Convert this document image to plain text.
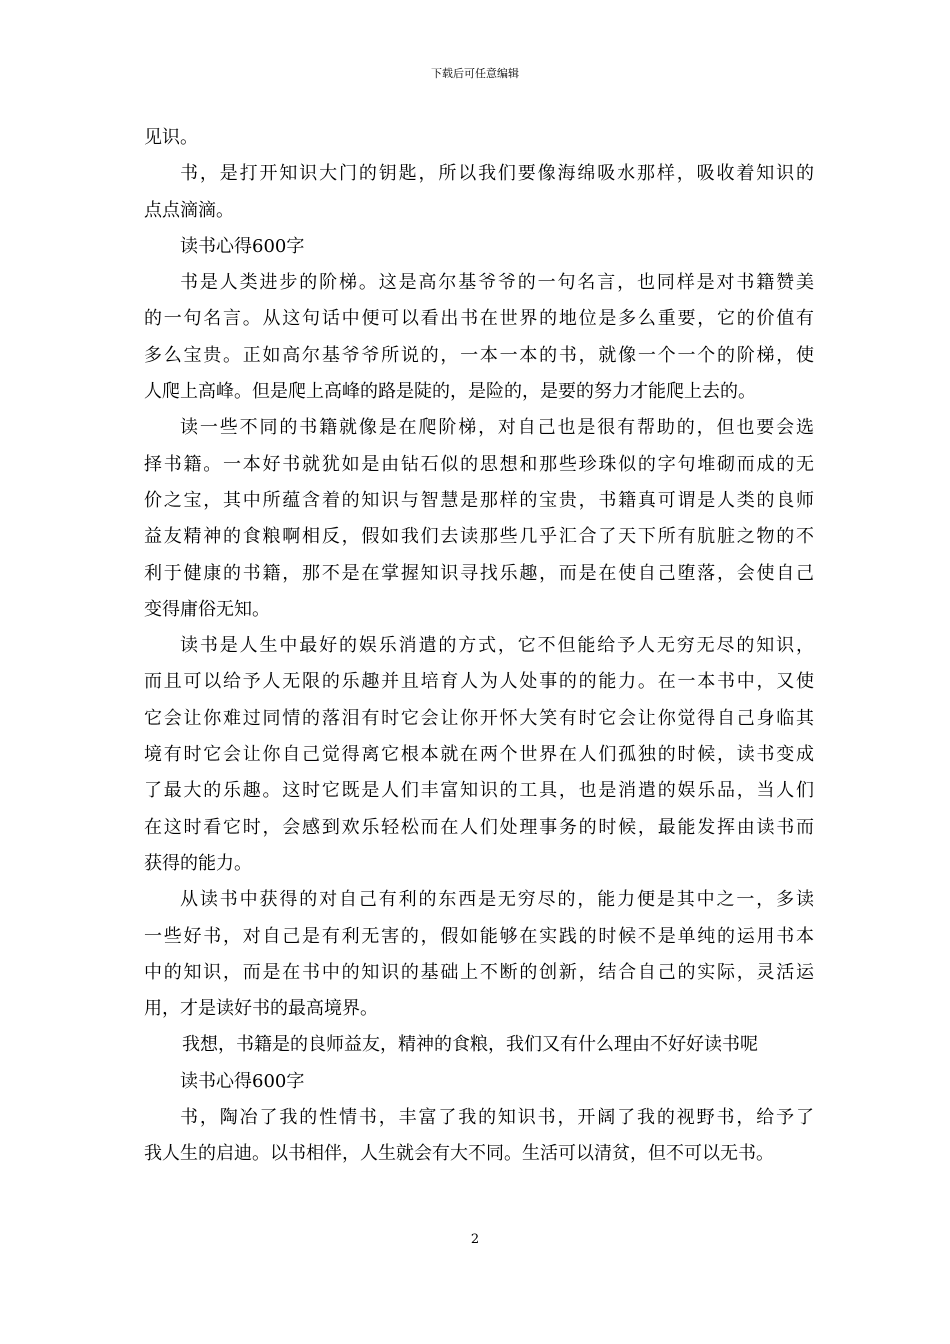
下载后可任意编辑
见识。
书，是打开知识大门的钥匙，所以我们要像海绵吸水那样，吸收着知识的
点点滴滴。
读书心得600字
书是人类进步的阶梯。这是高尔基爷爷的一句名言，也同样是对书籍赞美
的一句名言。从这句话中便可以看出书在世界的地位是多么重要，它的价值有
多么宝贵。正如高尔基爷爷所说的，一本一本的书，就像一个一个的阶梯，使
人爬上高峰。但是爬上高峰的路是陡的，是险的，是要的努力才能爬上去的。
读一些不同的书籍就像是在爬阶梯，对自己也是很有帮助的，但也要会选
择书籍。一本好书就犹如是由钻石似的思想和那些珍珠似的字句堆砌而成的无
价之宝，其中所蕴含着的知识与智慧是那样的宝贵，书籍真可谓是人类的良师
益友精神的食粮啊相反，假如我们去读那些几乎汇合了天下所有肮脏之物的不
利于健康的书籍，那不是在掌握知识寻找乐趣，而是在使自己堕落，会使自己
变得庸俗无知。
读书是人生中最好的娱乐消遣的方式，它不但能给予人无穷无尽的知识，
而且可以给予人无限的乐趣并且培育人为人处事的的能力。在一本书中，又使
它会让你难过同情的落泪有时它会让你开怀大笑有时它会让你觉得自己身临其
境有时它会让你自己觉得离它根本就在两个世界在人们孤独的时候，读书变成
了最大的乐趣。这时它既是人们丰富知识的工具，也是消遣的娱乐品，当人们
在这时看它时，会感到欢乐轻松而在人们处理事务的时候，最能发挥由读书而
获得的能力。
从读书中获得的对自己有利的东西是无穷尽的，能力便是其中之一，多读
一些好书，对自己是有利无害的，假如能够在实践的时候不是单纯的运用书本
中的知识，而是在书中的知识的基础上不断的创新，结合自己的实际，灵活运
用，才是读好书的最高境界。
我想，书籍是的良师益友，精神的食粮，我们又有什么理由不好好读书呢
读书心得600字
书，陶冶了我的性情书，丰富了我的知识书，开阔了我的视野书，给予了
我人生的启迪。以书相伴，人生就会有大不同。生活可以清贫，但不可以无书。
2
